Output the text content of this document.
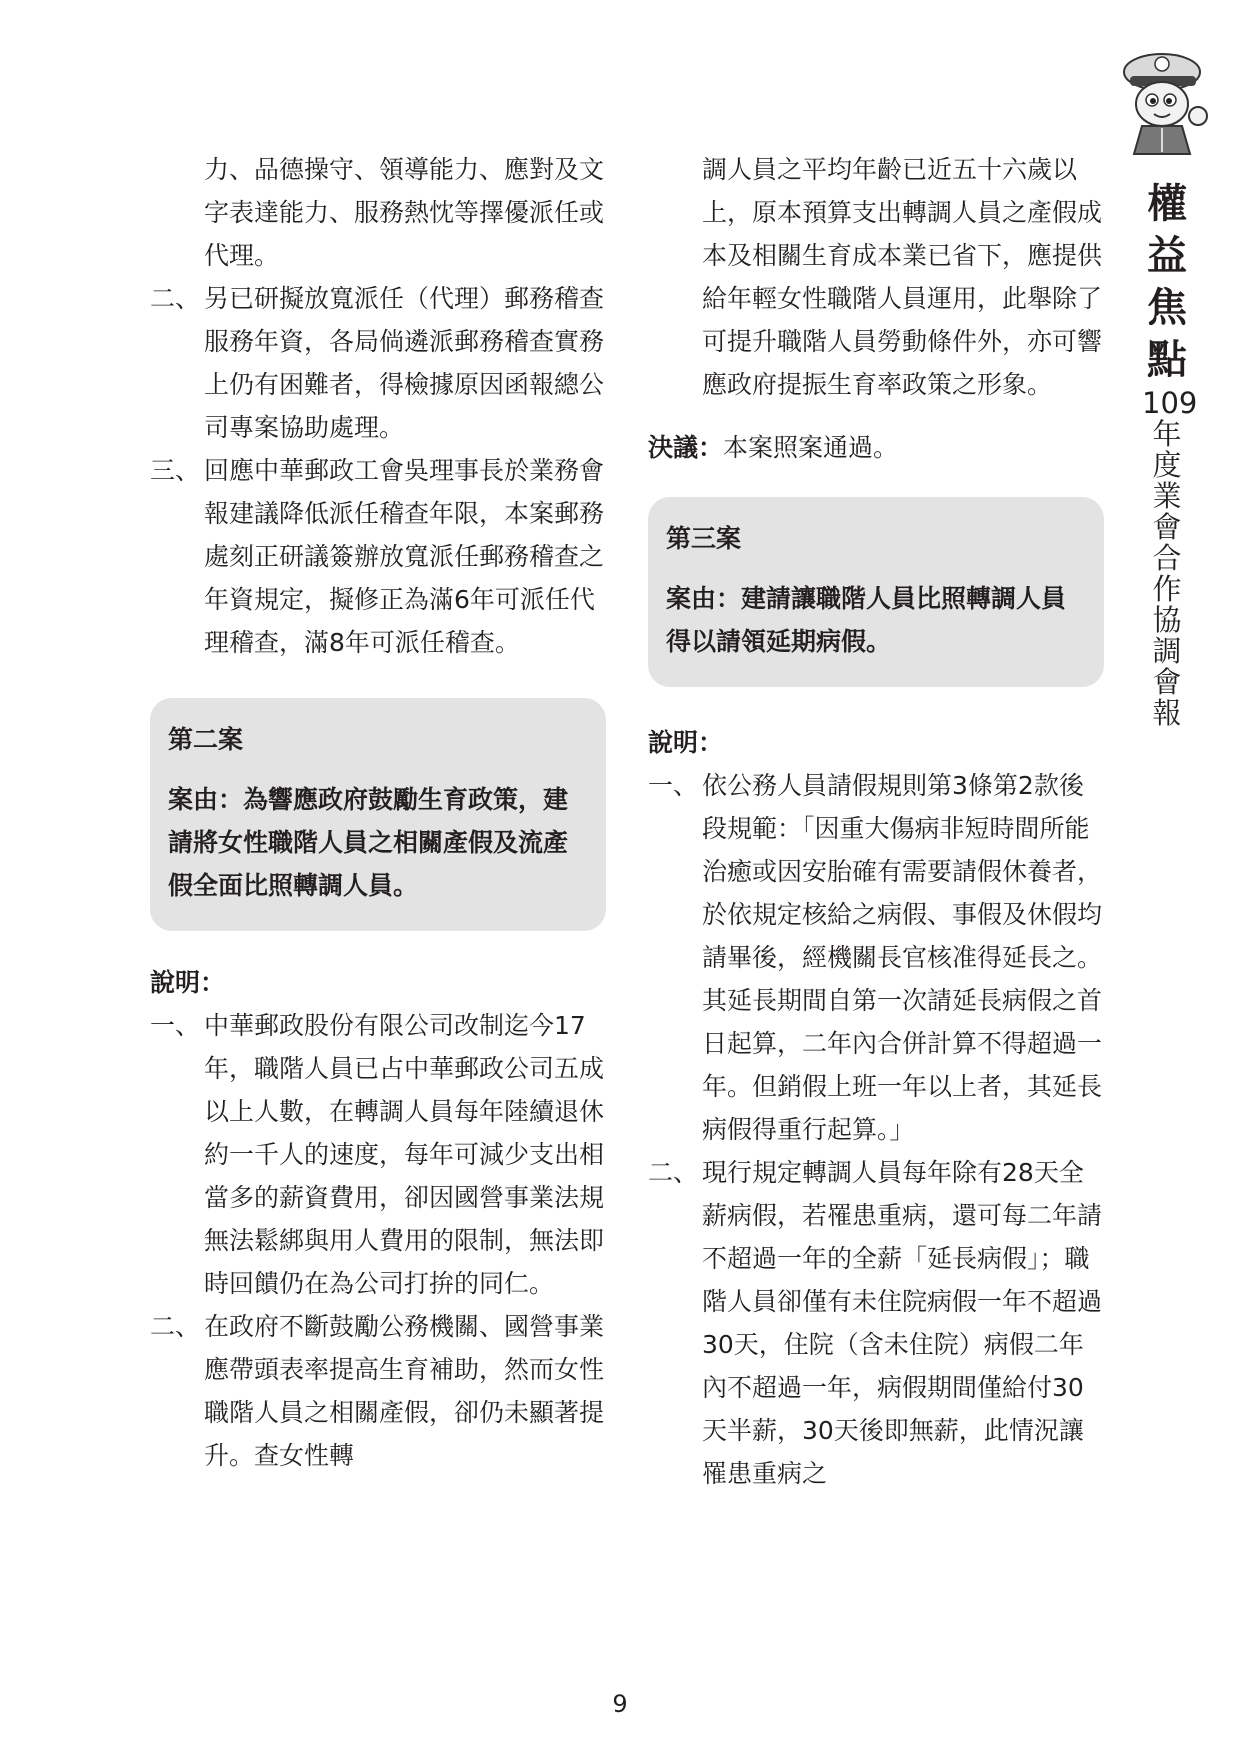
權
益
焦
點
109
年
度
業
會
合
作
協
調
會
報

力、品德操守、領導能力、應對及文字表達能力、服務熱忱等擇優派任或代理。

二、 另已研擬放寬派任（代理）郵務稽查服務年資，各局倘遴派郵務稽查實務上仍有困難者，得檢據原因函報總公司專案協助處理。
三、 回應中華郵政工會吳理事長於業務會報建議降低派任稽查年限，本案郵務處刻正研議簽辦放寬派任郵務稽查之年資規定，擬修正為滿6年可派任代理稽查，滿8年可派任稽查。

第二案

案由：為響應政府鼓勵生育政策，建請將女性職階人員之相關產假及流產假全面比照轉調人員。

說明：

一、 中華郵政股份有限公司改制迄今17年，職階人員已占中華郵政公司五成以上人數，在轉調人員每年陸續退休約一千人的速度，每年可減少支出相當多的薪資費用，卻因國營事業法規無法鬆綁與用人費用的限制，無法即時回饋仍在為公司打拚的同仁。
二、 在政府不斷鼓勵公務機關、國營事業應帶頭表率提高生育補助，然而女性職階人員之相關產假，卻仍未顯著提升。查女性轉

調人員之平均年齡已近五十六歲以上，原本預算支出轉調人員之產假成本及相關生育成本業已省下，應提供給年輕女性職階人員運用，此舉除了可提升職階人員勞動條件外，亦可響應政府提振生育率政策之形象。

決議：本案照案通過。

第三案

案由：建請讓職階人員比照轉調人員得以請領延期病假。

說明：

一、 依公務人員請假規則第3條第2款後段規範：「因重大傷病非短時間所能治癒或因安胎確有需要請假休養者，於依規定核給之病假、事假及休假均請畢後，經機關長官核准得延長之。其延長期間自第一次請延長病假之首日起算，二年內合併計算不得超過一年。但銷假上班一年以上者，其延長病假得重行起算。」
二、 現行規定轉調人員每年除有28天全薪病假，若罹患重病，還可每二年請不超過一年的全薪「延長病假」；職階人員卻僅有未住院病假一年不超過30天，住院（含未住院）病假二年內不超過一年，病假期間僅給付30天半薪，30天後即無薪，此情況讓罹患重病之
9
